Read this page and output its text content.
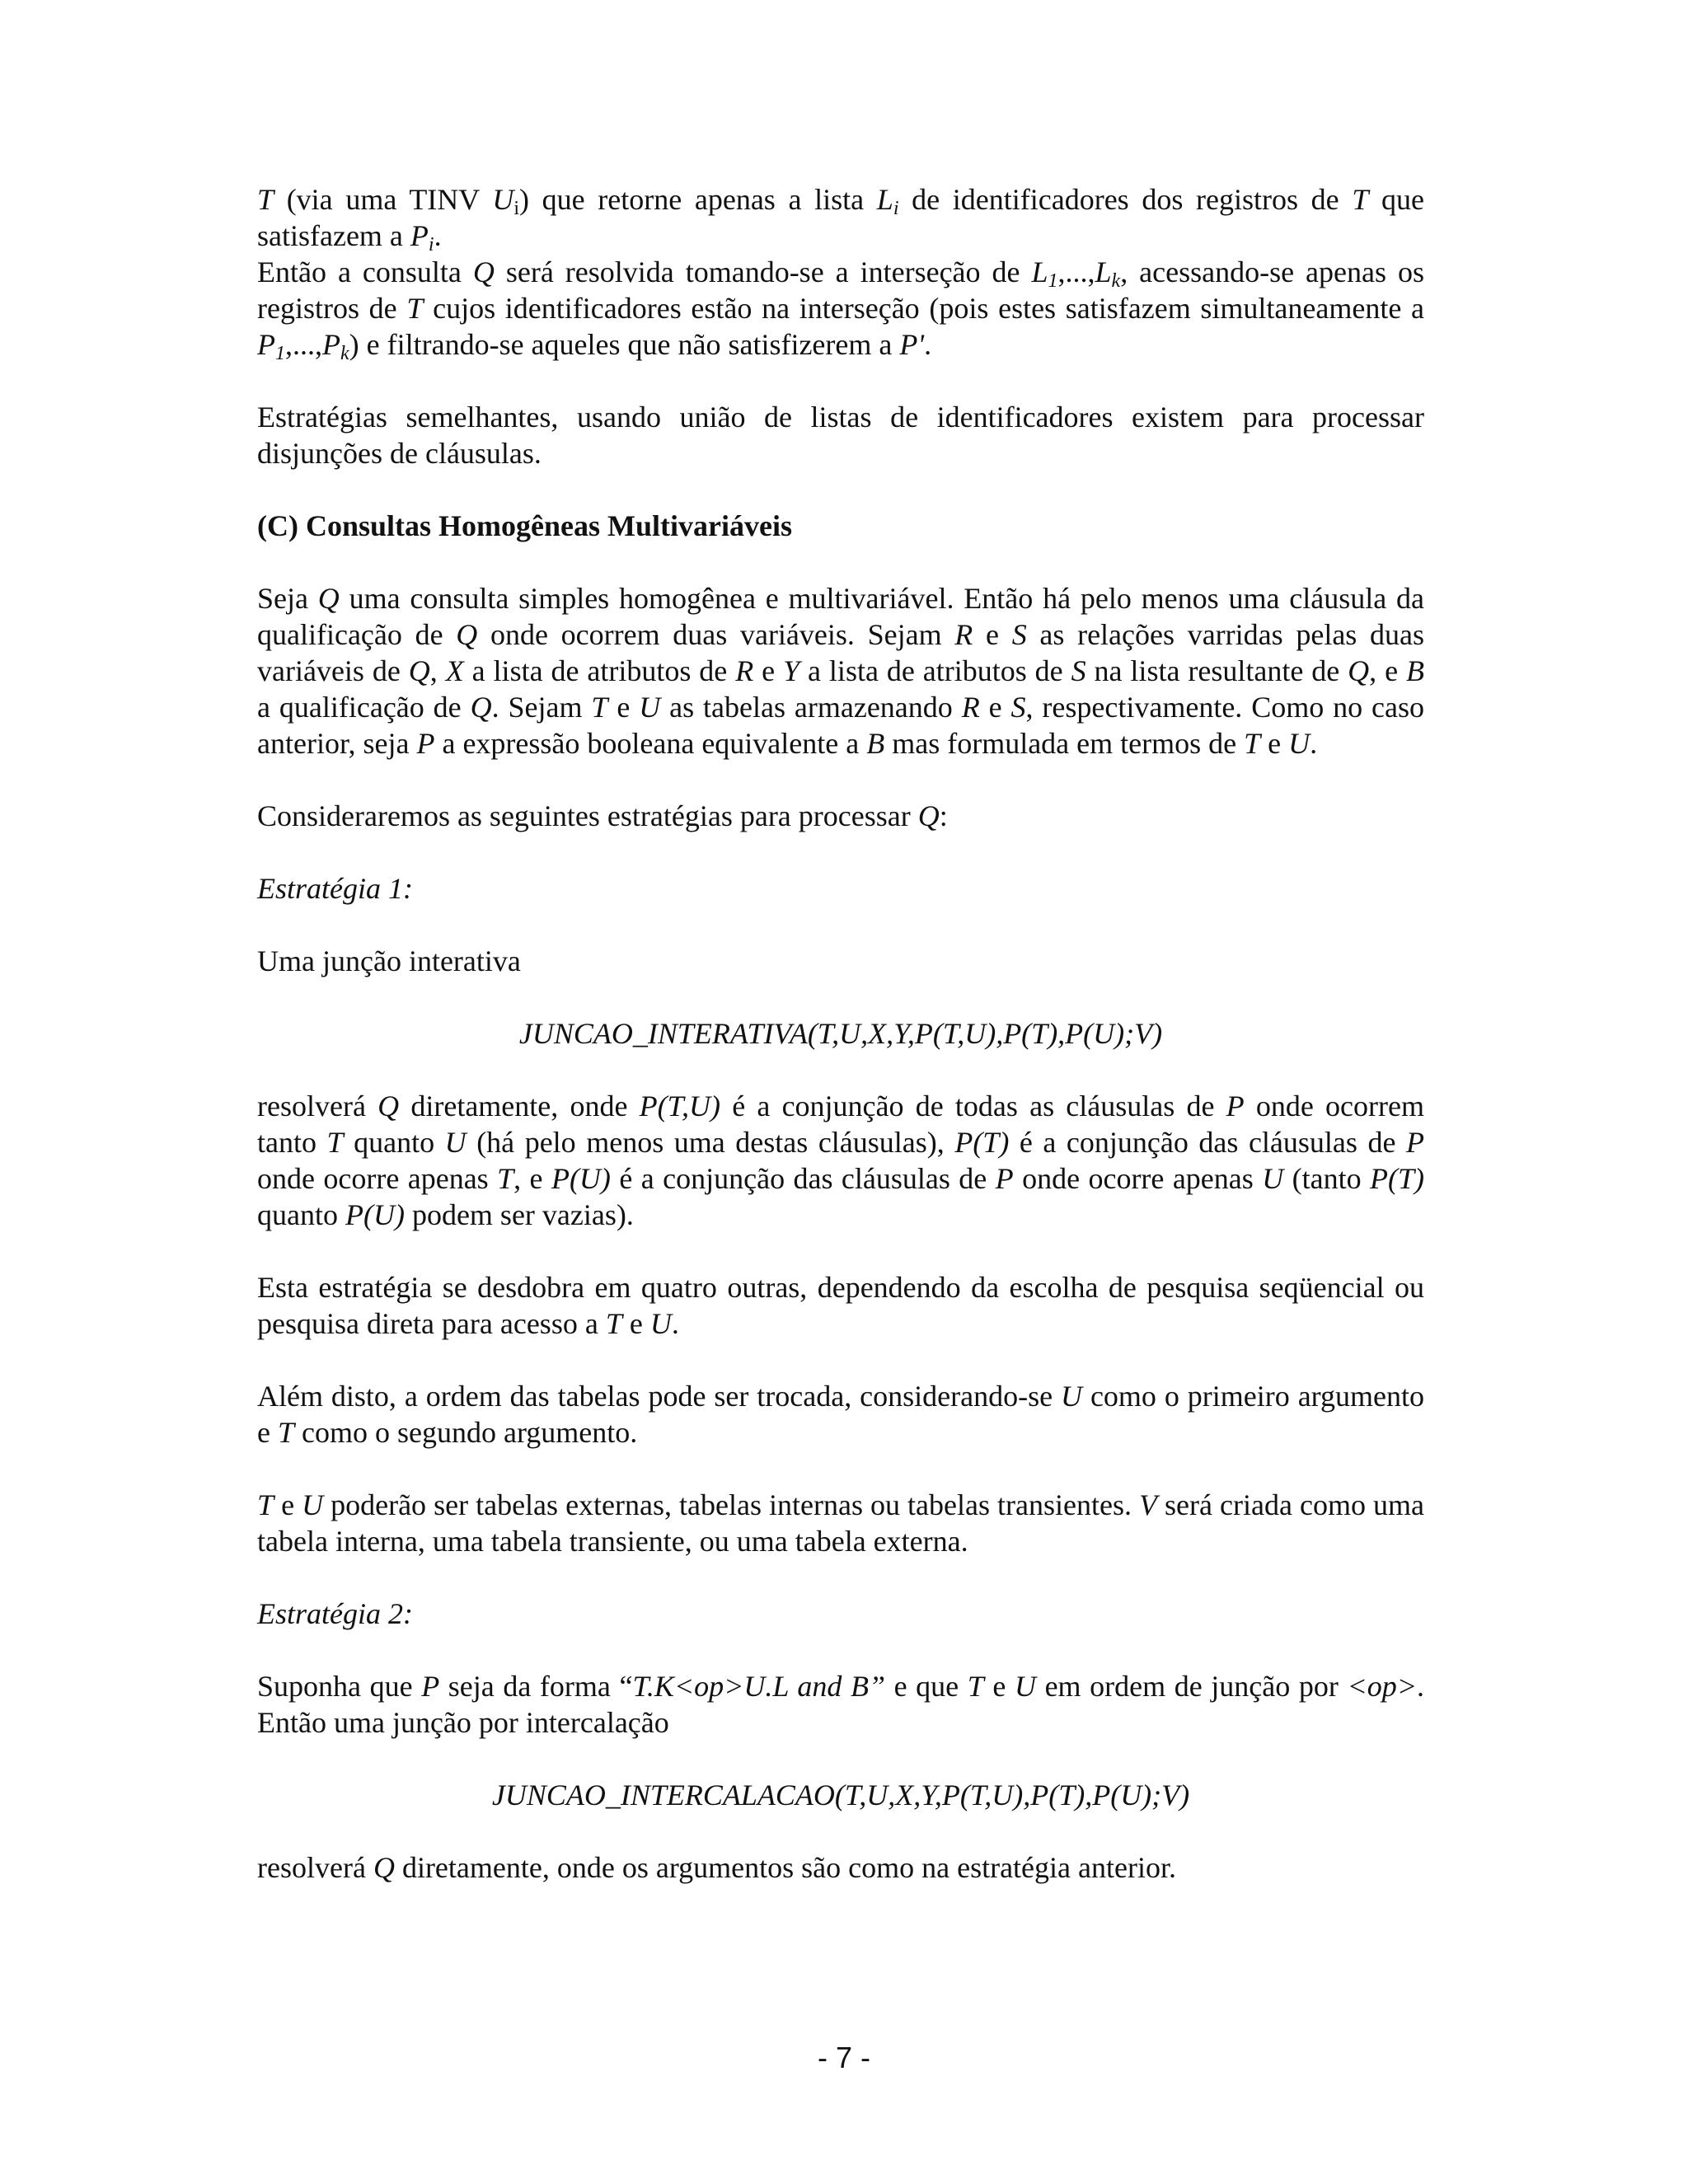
T (via uma TINV $U_i$) que retorne apenas a lista $L_i$ de identificadores dos registros de T que satisfazem a $P_i$.

Então a consulta Q será resolvida tomando-se a interseção de $L_1,...,L_k$, acessando-se apenas os registros de T cujos identificadores estão na interseção (pois estes satisfazem simultaneamente a $P_1,...,P_k$) e filtrando-se aqueles que não satisfizerem a P'.

Estratégias semelhantes, usando união de listas de identificadores existem para processar disjunções de cláusulas.

(C) Consultas Homogêneas Multivariáveis

Seja Q uma consulta simples homogênea e multivariável. Então há pelo menos uma cláusula da qualificação de Q onde ocorrem duas variáveis. Sejam R e S as relações varridas pelas duas variáveis de Q, X a lista de atributos de R e Y a lista de atributos de S na lista resultante de Q, e B a qualificação de Q. Sejam T e U as tabelas armazenando R e S, respectivamente. Como no caso anterior, seja P a expressão booleana equivalente a B mas formulada em termos de T e U.

Consideraremos as seguintes estratégias para processar Q:

Estratégia 1:

Uma junção interativa

JUNCAO_INTERATIVA(T,U,X,Y,P(T,U),P(T),P(U);V)

resolverá Q diretamente, onde P(T,U) é a conjunção de todas as cláusulas de P onde ocorrem tanto T quanto U (há pelo menos uma destas cláusulas), P(T) é a conjunção das cláusulas de P onde ocorre apenas T, e P(U) é a conjunção das cláusulas de P onde ocorre apenas U (tanto P(T) quanto P(U) podem ser vazias).

Esta estratégia se desdobra em quatro outras, dependendo da escolha de pesquisa seqüencial ou pesquisa direta para acesso a T e U.

Além disto, a ordem das tabelas pode ser trocada, considerando-se U como o primeiro argumento e T como o segundo argumento.

T e U poderão ser tabelas externas, tabelas internas ou tabelas transientes. V será criada como uma tabela interna, uma tabela transiente, ou uma tabela externa.

Estratégia 2:

Suponha que P seja da forma “T.K<op>U.L and B” e que T e U em ordem de junção por <op>. Então uma junção por intercalação

JUNCAO_INTERCALACAO(T,U,X,Y,P(T,U),P(T),P(U);V)

resolverá Q diretamente, onde os argumentos são como na estratégia anterior.

- 7 -
